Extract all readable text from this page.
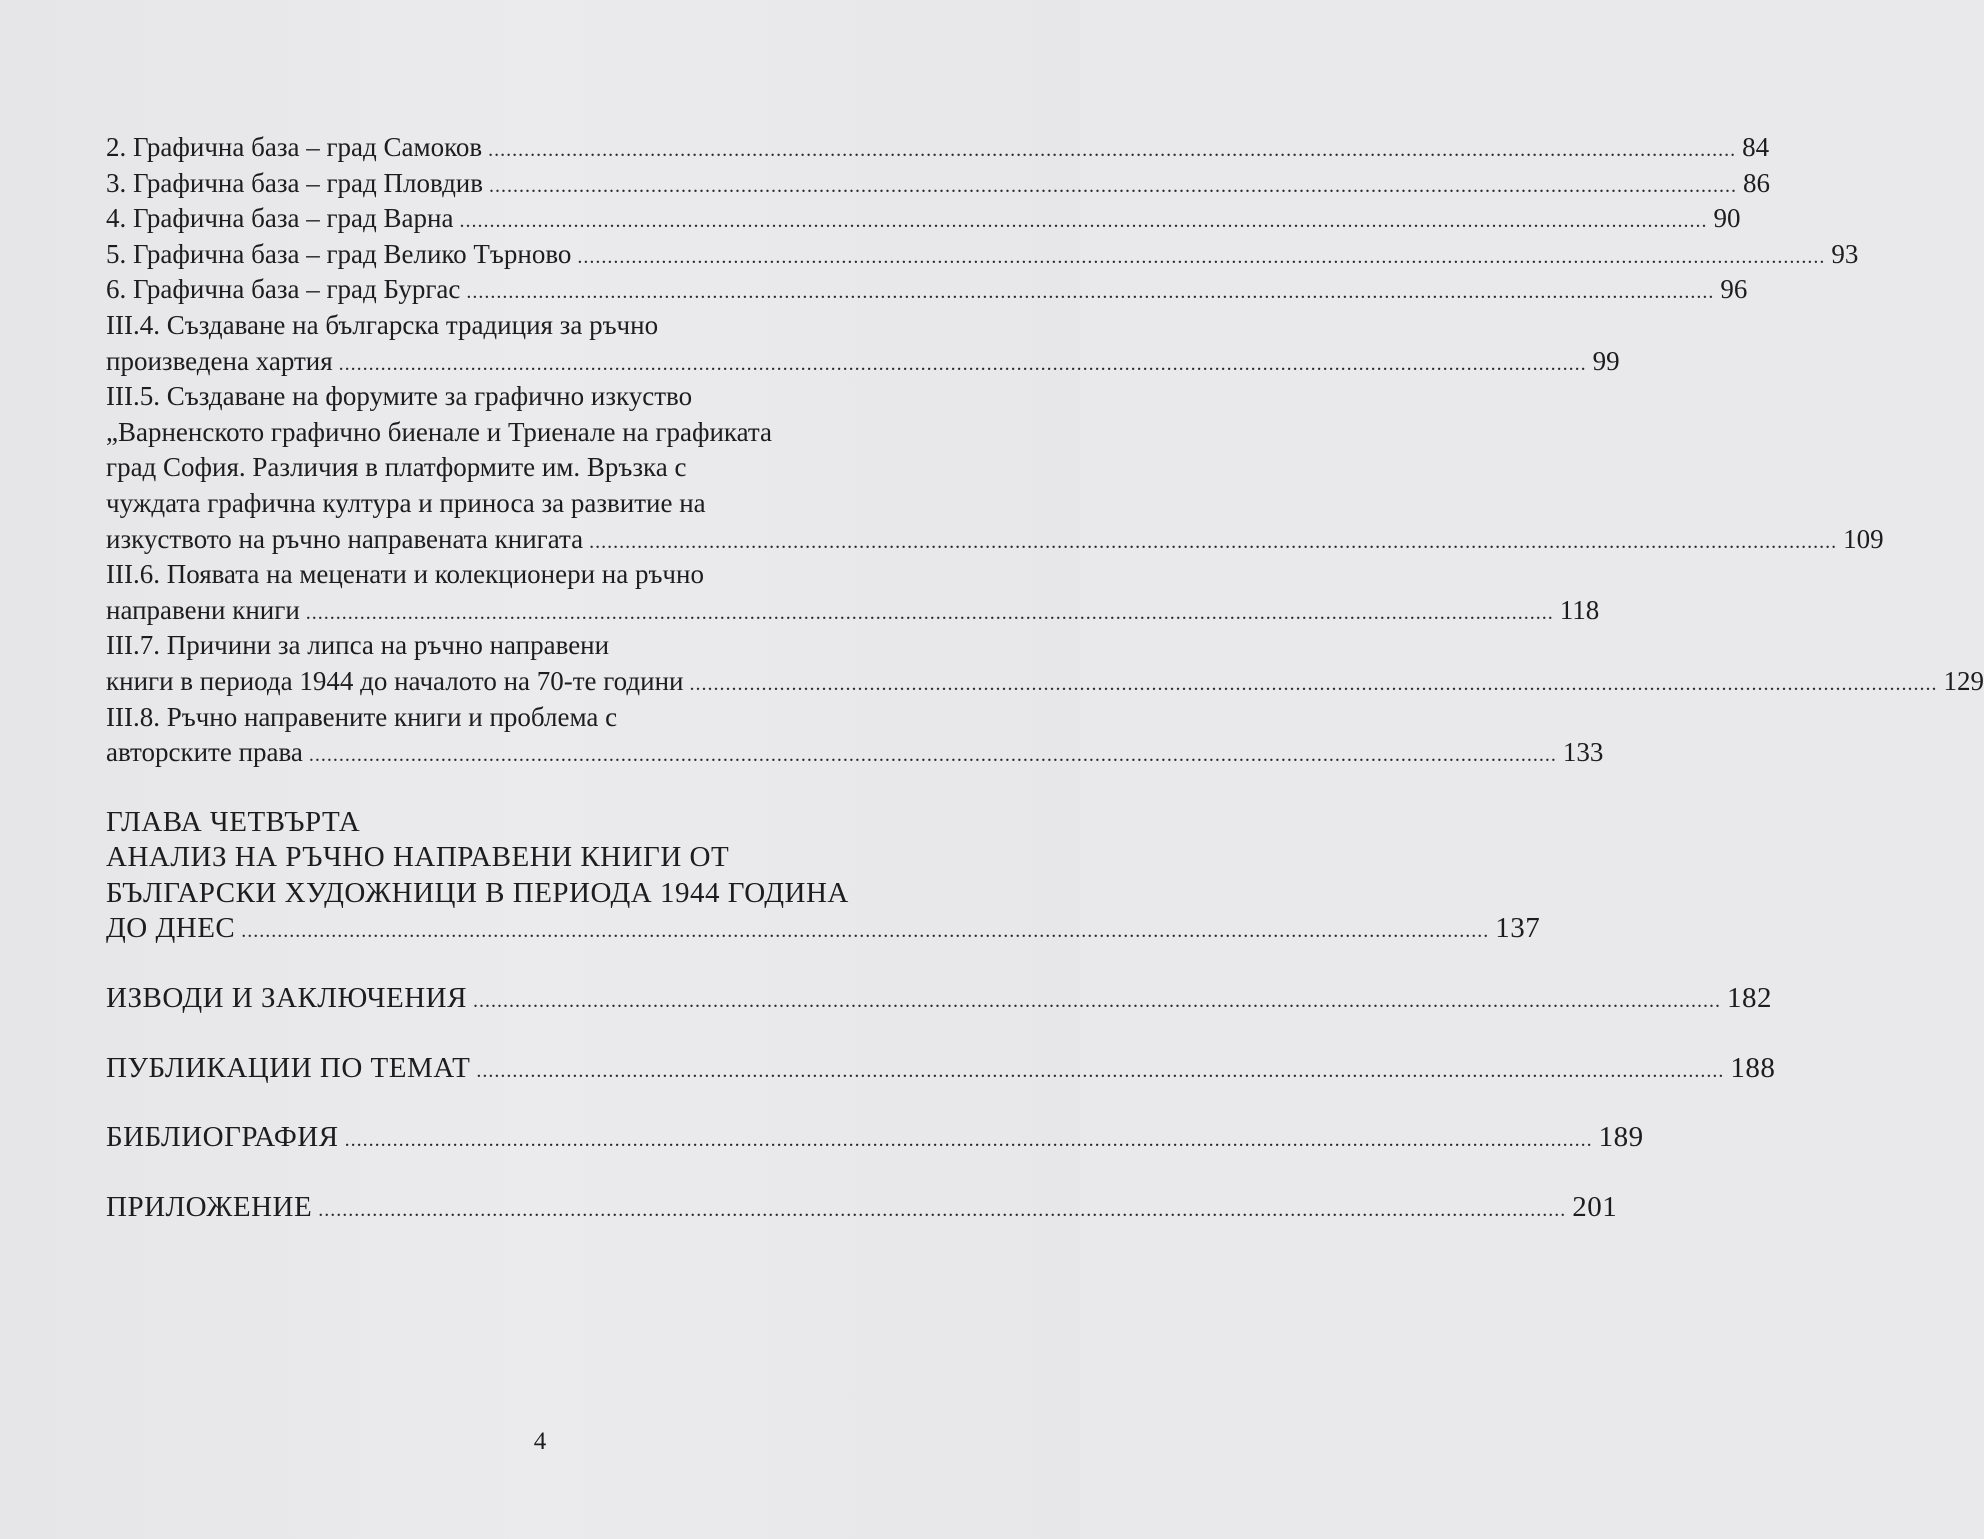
2. Графична база – град Самоков ................................................................................................................................................................................................................ 84
3. Графична база – град Пловдив ................................................................................................................................................................................................................ 86
4. Графична база – град Варна ................................................................................................................................................................................................................ 90
5. Графична база – град Велико Търново ................................................................................................................................................................................................................ 93
6. Графична база – град Бургас ................................................................................................................................................................................................................ 96
III.4. Създаване на българска традиция за ръчно
произведена хартия ................................................................................................................................................................................................................ 99
III.5. Създаване на форумите за графично изкуство
„Варненското графично биенале и Триенале на графиката
град София. Различия в платформите им. Връзка с
чуждата графична култура и приноса за развитие на
изкуството на ръчно направената книгата ................................................................................................................................................................................................................ 109
III.6. Появата на меценати и колекционери на ръчно
направени книги ................................................................................................................................................................................................................ 118
III.7. Причини за липса на ръчно направени
книги в периода 1944 до началото на 70-те години ................................................................................................................................................................................................................ 129
III.8. Ръчно направените книги и проблема с
авторските права ................................................................................................................................................................................................................ 133
ГЛАВА ЧЕТВЪРТА
АНАЛИЗ НА РЪЧНО НАПРАВЕНИ КНИГИ ОТ
БЪЛГАРСКИ ХУДОЖНИЦИ В ПЕРИОДА 1944 ГОДИНА
ДО ДНЕС ................................................................................................................................................................................................................ 137
ИЗВОДИ И ЗАКЛЮЧЕНИЯ ................................................................................................................................................................................................................ 182
ПУБЛИКАЦИИ ПО ТЕМАТ ................................................................................................................................................................................................................ 188
БИБЛИОГРАФИЯ ................................................................................................................................................................................................................ 189
ПРИЛОЖЕНИЕ ................................................................................................................................................................................................................ 201
4
